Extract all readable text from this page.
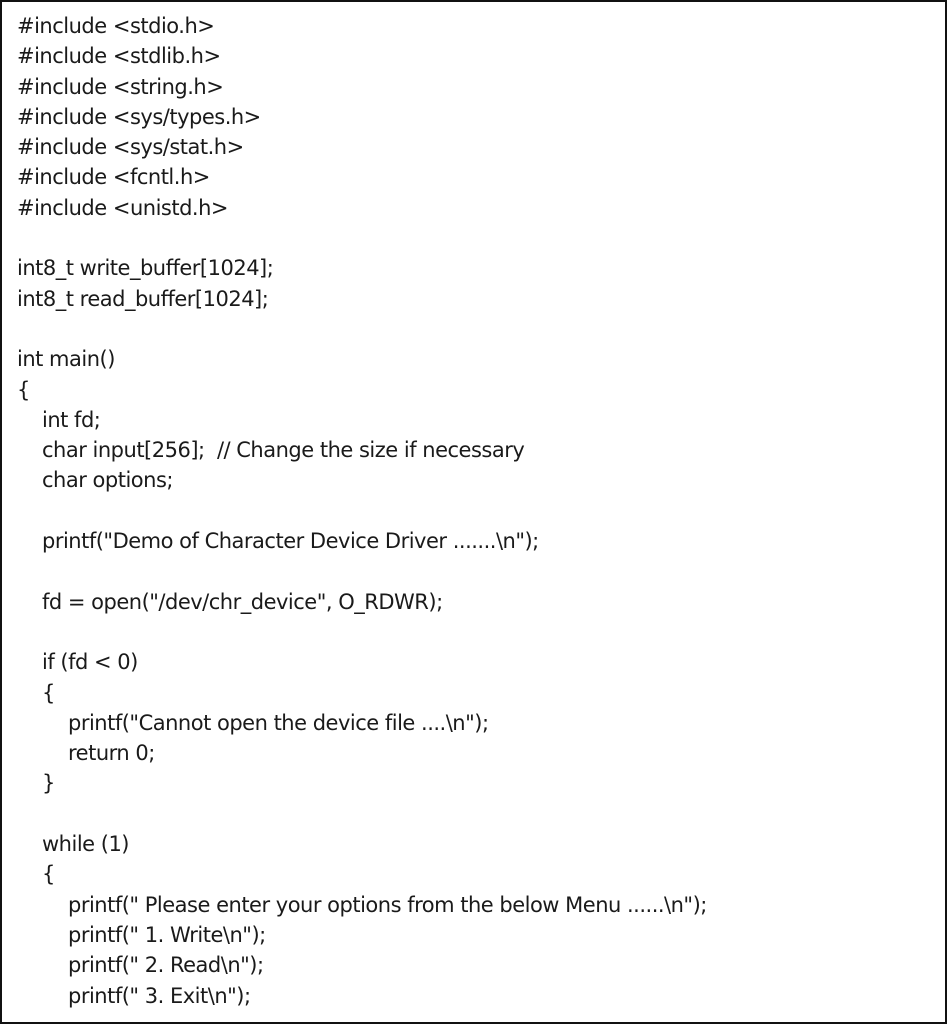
#include <stdio.h>
#include <stdlib.h>
#include <string.h>
#include <sys/types.h>
#include <sys/stat.h>
#include <fcntl.h>
#include <unistd.h>
int8_t write_buffer[1024];
int8_t read_buffer[1024];
int main()
{
int fd;
char input[256];  // Change the size if necessary
char options;
printf("Demo of Character Device Driver .......\n");
fd = open("/dev/chr_device", O_RDWR);
if (fd < 0)
{
printf("Cannot open the device file ....\n");
return 0;
}
while (1)
{
printf(" Please enter your options from the below Menu ......\n");
printf(" 1. Write\n");
printf(" 2. Read\n");
printf(" 3. Exit\n");
